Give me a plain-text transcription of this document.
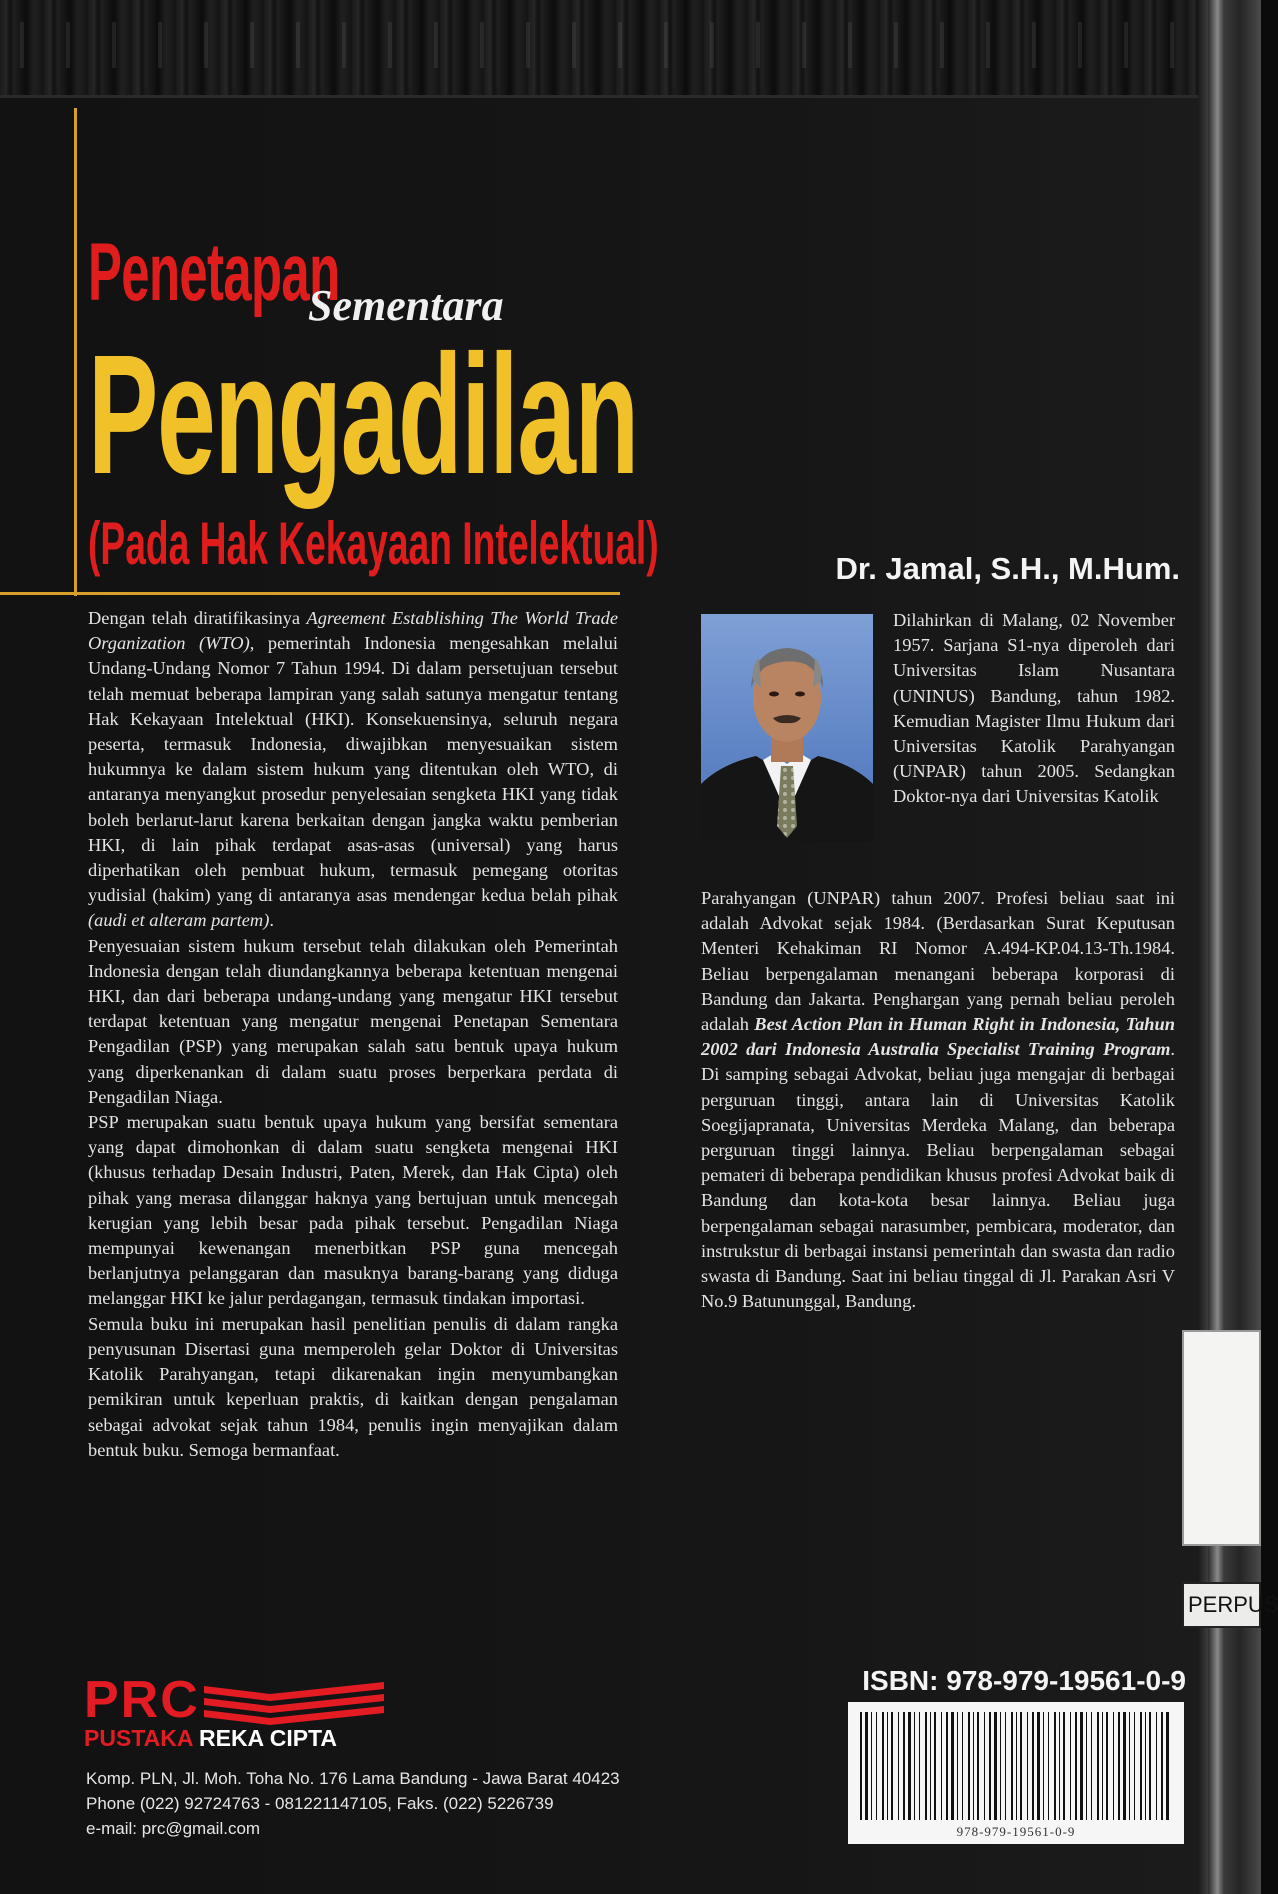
Penetapan
Sementara
Pengadilan
(Pada Hak Kekayaan Intelektual)

Dengan telah diratifikasinya Agreement Establishing The World Trade Organization (WTO), pemerintah Indonesia mengesahkan melalui Undang-Undang Nomor 7 Tahun 1994. Di dalam persetujuan tersebut telah memuat beberapa lampiran yang salah satunya mengatur tentang Hak Kekayaan Intelektual (HKI). Konsekuensinya, seluruh negara peserta, termasuk Indonesia, diwajibkan menyesuaikan sistem hukumnya ke dalam sistem hukum yang ditentukan oleh WTO, di antaranya menyangkut prosedur penyelesaian sengketa HKI yang tidak boleh berlarut-larut karena berkaitan dengan jangka waktu pemberian HKI, di lain pihak terdapat asas-asas (universal) yang harus diperhatikan oleh pembuat hukum, termasuk pemegang otoritas yudisial (hakim) yang di antaranya asas mendengar kedua belah pihak (audi et alteram partem).

Penyesuaian sistem hukum tersebut telah dilakukan oleh Pemerintah Indonesia dengan telah diundangkannya beberapa ketentuan mengenai HKI, dan dari beberapa undang-undang yang mengatur HKI tersebut terdapat ketentuan yang mengatur mengenai Penetapan Sementara Pengadilan (PSP) yang merupakan salah satu bentuk upaya hukum yang diperkenankan di dalam suatu proses berperkara perdata di Pengadilan Niaga.

PSP merupakan suatu bentuk upaya hukum yang bersifat sementara yang dapat dimohonkan di dalam suatu sengketa mengenai HKI (khusus terhadap Desain Industri, Paten, Merek, dan Hak Cipta) oleh pihak yang merasa dilanggar haknya yang bertujuan untuk mencegah kerugian yang lebih besar pada pihak tersebut. Pengadilan Niaga mempunyai kewenangan menerbitkan PSP guna mencegah berlanjutnya pelanggaran dan masuknya barang-barang yang diduga melanggar HKI ke jalur perdagangan, termasuk tindakan importasi.

Semula buku ini merupakan hasil penelitian penulis di dalam rangka penyusunan Disertasi guna memperoleh gelar Doktor di Universitas Katolik Parahyangan, tetapi dikarenakan ingin menyumbangkan pemikiran untuk keperluan praktis, di kaitkan dengan pengalaman sebagai advokat sejak tahun 1984, penulis ingin menyajikan dalam bentuk buku. Semoga bermanfaat.

Dr. Jamal, S.H., M.Hum.
Dilahirkan di Malang, 02 November 1957. Sarjana S1-nya diperoleh dari Universitas Islam Nusantara (UNINUS) Bandung, tahun 1982. Kemudian Magister Ilmu Hukum dari Universitas Katolik Parahyangan (UNPAR) tahun 2005. Sedangkan Doktor-nya dari Universitas Katolik
Parahyangan (UNPAR) tahun 2007. Profesi beliau saat ini adalah Advokat sejak 1984. (Berdasarkan Surat Keputusan Menteri Kehakiman RI Nomor A.494-KP.04.13-Th.1984. Beliau berpengalaman menangani beberapa korporasi di Bandung dan Jakarta. Penghargan yang pernah beliau peroleh adalah Best Action Plan in Human Right in Indonesia, Tahun 2002 dari Indonesia Australia Specialist Training Program. Di samping sebagai Advokat, beliau juga mengajar di berbagai perguruan tinggi, antara lain di Universitas Katolik Soegijapranata, Universitas Merdeka Malang, dan beberapa perguruan tinggi lainnya. Beliau berpengalaman sebagai pemateri di beberapa pendidikan khusus profesi Advokat baik di Bandung dan kota-kota besar lainnya. Beliau juga berpengalaman sebagai narasumber, pembicara, moderator, dan instrukstur di berbagai instansi pemerintah dan swasta dan radio swasta di Bandung. Saat ini beliau tinggal di Jl. Parakan Asri V No.9 Batununggal, Bandung.
PERPUS
ISBN: 978-979-19561-0-9
978-979-19561-0-9
PRC
PUSTAKA REKA CIPTA
Komp. PLN, Jl. Moh. Toha No. 176 Lama Bandung - Jawa Barat 40423
Phone (022) 92724763 - 081221147105, Faks. (022) 5226739
e-mail: prc@gmail.com
